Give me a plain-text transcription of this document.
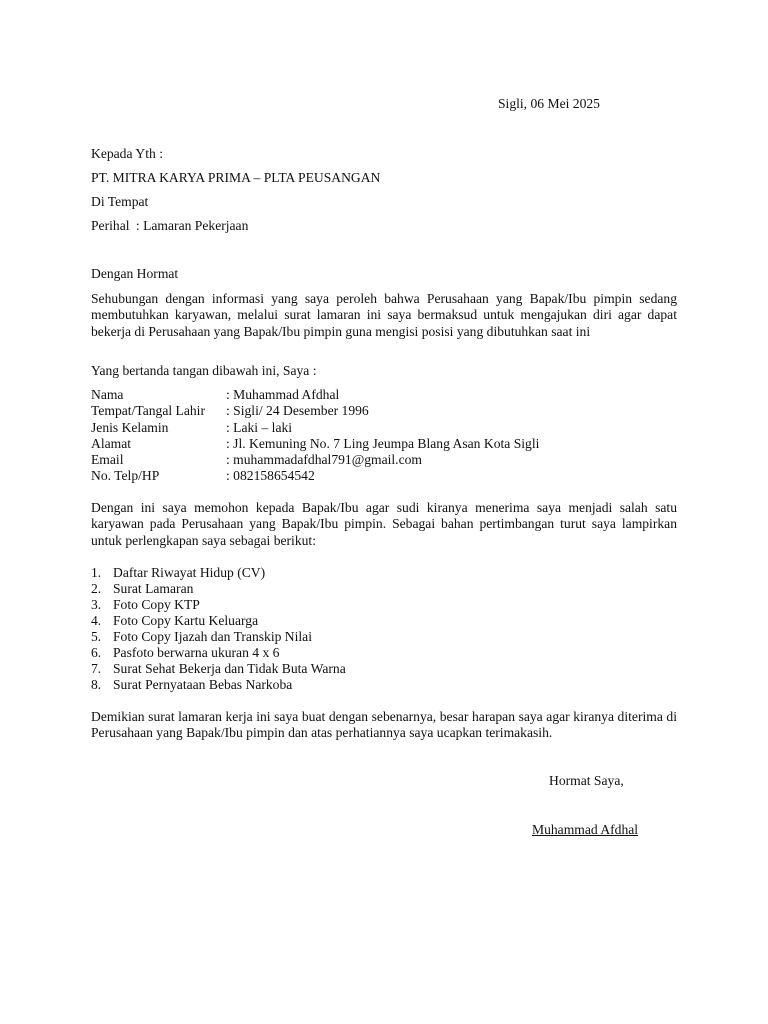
Sigli, 06 Mei 2025
Kepada Yth :
PT. MITRA KARYA PRIMA – PLTA PEUSANGAN
Di Tempat
Perihal : Lamaran Pekerjaan
Dengan Hormat
Sehubungan dengan informasi yang saya peroleh bahwa Perusahaan yang Bapak/Ibu pimpin sedang membutuhkan karyawan, melalui surat lamaran ini saya bermaksud untuk mengajukan diri agar dapat bekerja di Perusahaan yang Bapak/Ibu pimpin guna mengisi posisi yang dibutuhkan saat ini
Yang bertanda tangan dibawah ini, Saya :
Nama	: Muhammad Afdhal
Tempat/Tangal Lahir : Sigli/ 24 Desember 1996
Jenis Kelamin	: Laki – laki
Alamat	: Jl. Kemuning No. 7 Ling Jeumpa Blang Asan Kota Sigli
Email	: muhammadafdhal791@gmail.com
No. Telp/HP	: 082158654542
Dengan ini saya memohon kepada Bapak/Ibu agar sudi kiranya menerima saya menjadi salah satu karyawan pada Perusahaan yang Bapak/Ibu pimpin. Sebagai bahan pertimbangan turut saya lampirkan untuk perlengkapan saya sebagai berikut:
1. Daftar Riwayat Hidup (CV)
2. Surat Lamaran
3. Foto Copy KTP
4. Foto Copy Kartu Keluarga
5. Foto Copy Ijazah dan Transkip Nilai
6. Pasfoto berwarna ukuran 4 x 6
7. Surat Sehat Bekerja dan Tidak Buta Warna
8. Surat Pernyataan Bebas Narkoba
Demikian surat lamaran kerja ini saya buat dengan sebenarnya, besar harapan saya agar kiranya diterima di Perusahaan yang Bapak/Ibu pimpin dan atas perhatiannya saya ucapkan terimakasih.
Hormat Saya,
Muhammad Afdhal
